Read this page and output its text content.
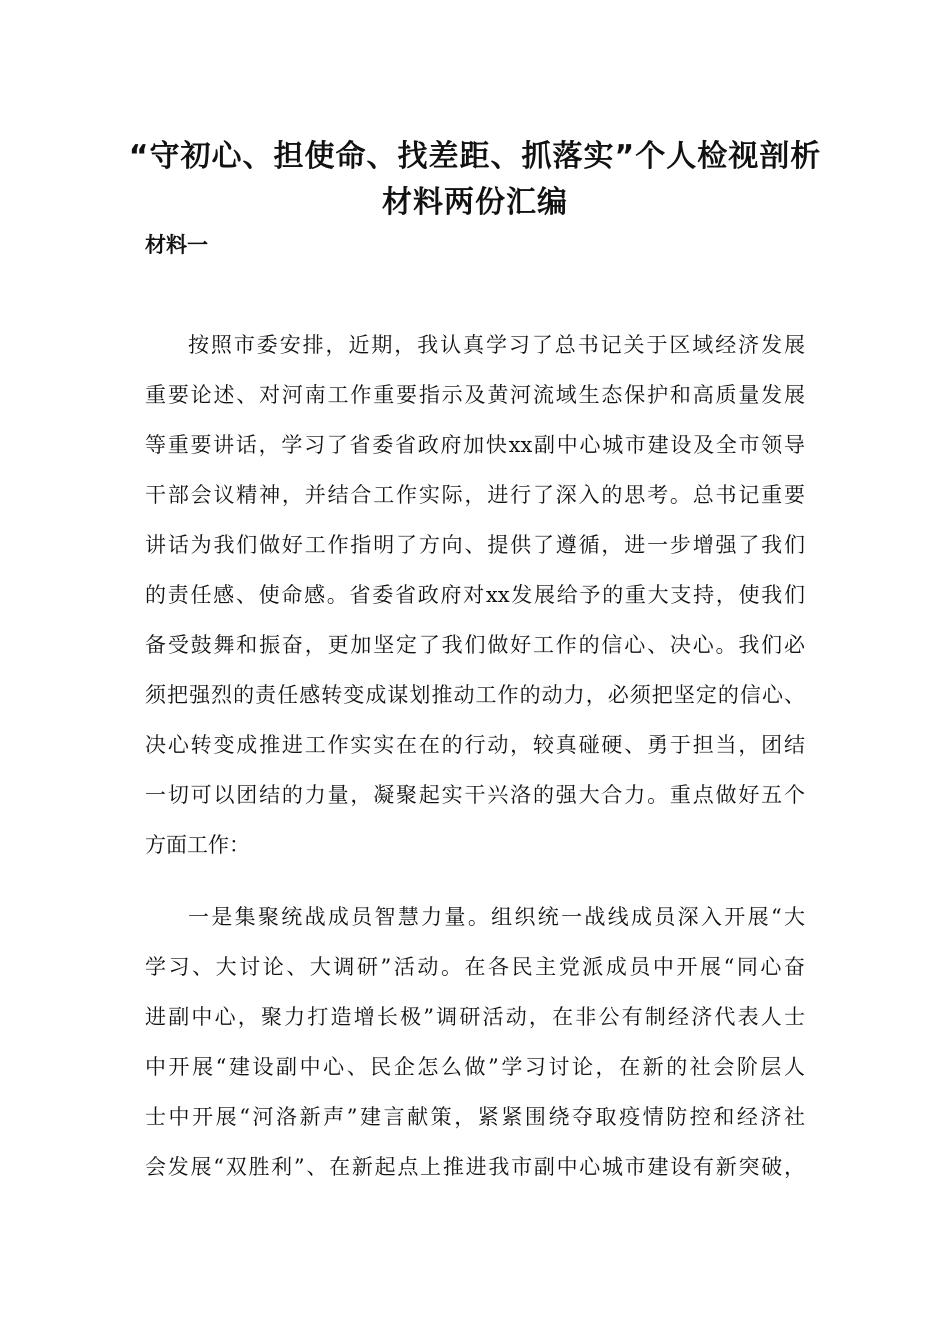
“守初心、担使命、找差距、抓落实”个人检视剖析
材料两份汇编
材料一
按照市委安排，近期，我认真学习了总书记关于区域经济发展
重要论述、对河南工作重要指示及黄河流域生态保护和高质量发展
等重要讲话，学习了省委省政府加快xx副中心城市建设及全市领导
干部会议精神，并结合工作实际，进行了深入的思考。总书记重要
讲话为我们做好工作指明了方向、提供了遵循，进一步增强了我们
的责任感、使命感。省委省政府对xx发展给予的重大支持，使我们
备受鼓舞和振奋，更加坚定了我们做好工作的信心、决心。我们必
须把强烈的责任感转变成谋划推动工作的动力，必须把坚定的信心、
决心转变成推进工作实实在在的行动，较真碰硬、勇于担当，团结
一切可以团结的力量，凝聚起实干兴洛的强大合力。重点做好五个
方面工作：
一是集聚统战成员智慧力量。组织统一战线成员深入开展“大
学习、大讨论、大调研”活动。在各民主党派成员中开展“同心奋
进副中心，聚力打造增长极”调研活动，在非公有制经济代表人士
中开展“建设副中心、民企怎么做”学习讨论，在新的社会阶层人
士中开展“河洛新声”建言献策，紧紧围绕夺取疫情防控和经济社
会发展“双胜利”、在新起点上推进我市副中心城市建设有新突破，
